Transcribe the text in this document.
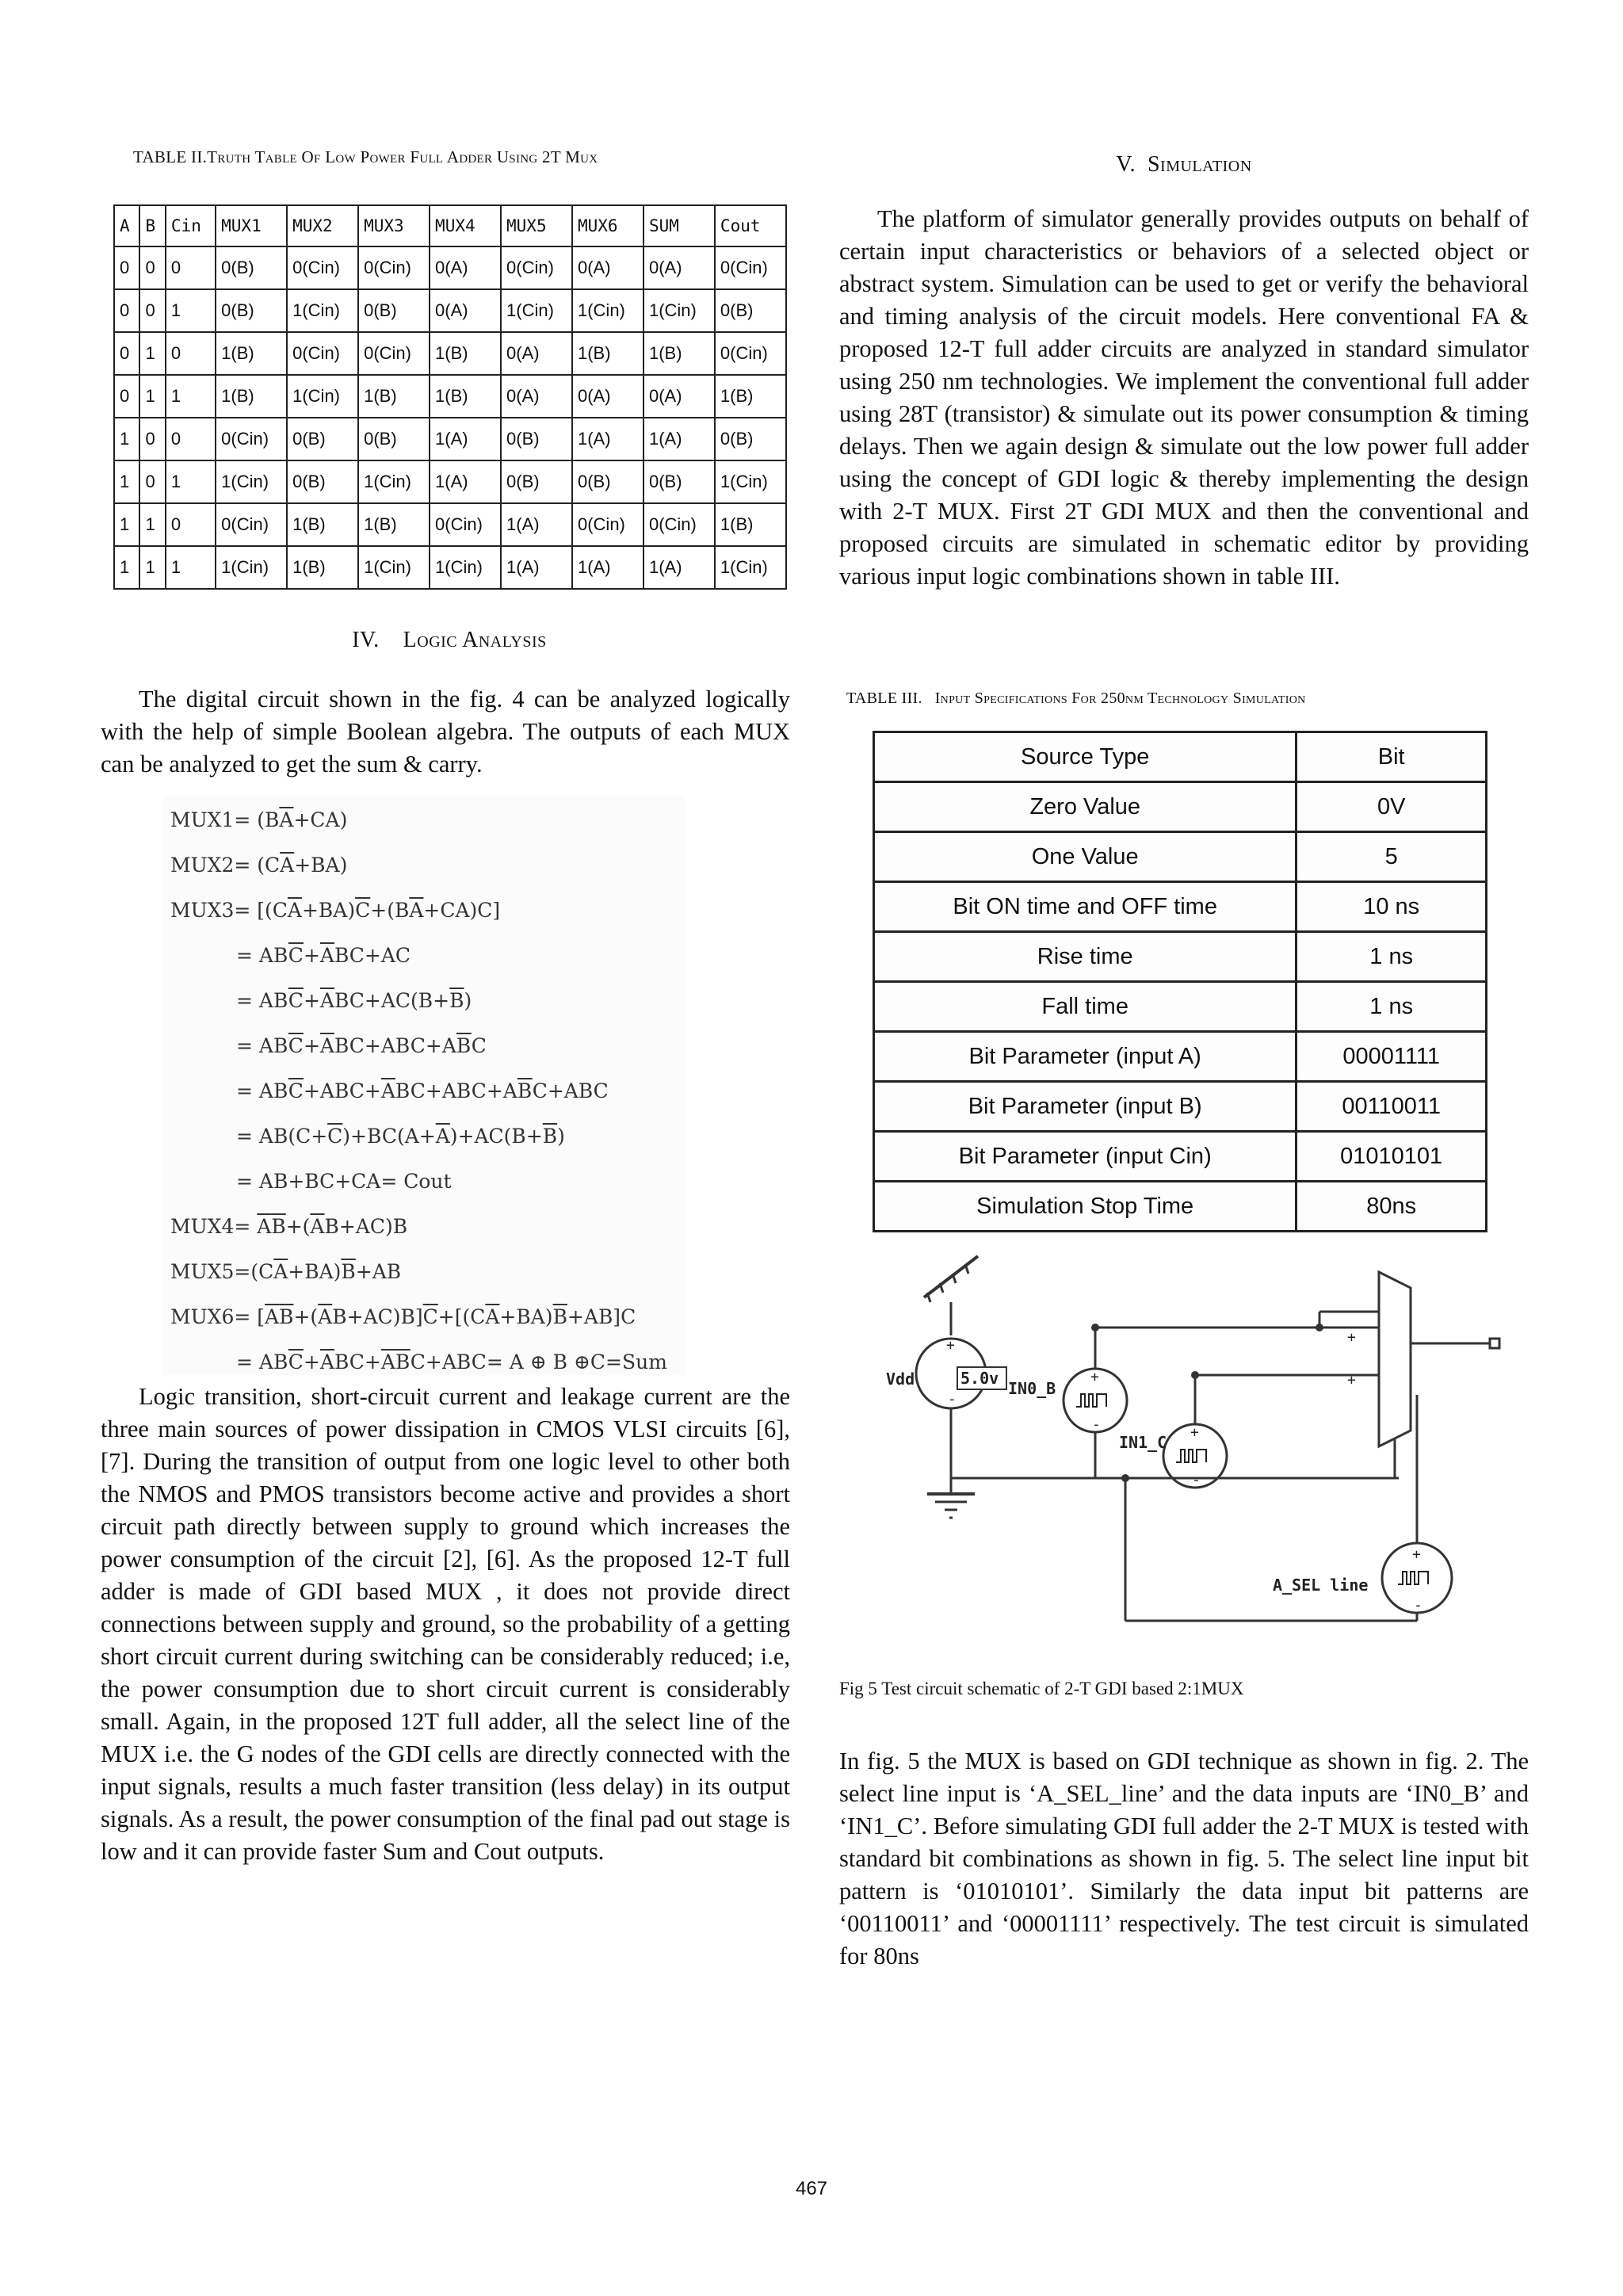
TABLE II.Truth Table Of Low Power Full Adder Using 2T Mux
A	B	Cin	MUX1	MUX2	MUX3	MUX4	MUX5	MUX6	SUM	Cout
0	0	0	0(B)	0(Cin)	0(Cin)	0(A)	0(Cin)	0(A)	0(A)	0(Cin)
0	0	1	0(B)	1(Cin)	0(B)	0(A)	1(Cin)	1(Cin)	1(Cin)	0(B)
0	1	0	1(B)	0(Cin)	0(Cin)	1(B)	0(A)	1(B)	1(B)	0(Cin)
0	1	1	1(B)	1(Cin)	1(B)	1(B)	0(A)	0(A)	0(A)	1(B)
1	0	0	0(Cin)	0(B)	0(B)	1(A)	0(B)	1(A)	1(A)	0(B)
1	0	1	1(Cin)	0(B)	1(Cin)	1(A)	0(B)	0(B)	0(B)	1(Cin)
1	1	0	0(Cin)	1(B)	1(B)	0(Cin)	1(A)	0(Cin)	0(Cin)	1(B)
1	1	1	1(Cin)	1(B)	1(Cin)	1(Cin)	1(A)	1(A)	1(A)	1(Cin)
IV. Logic Analysis

The digital circuit shown in the fig. 4 can be analyzed logically with the help of simple Boolean algebra. The outputs of each MUX can be analyzed to get the sum & carry.

$MUX1= (B\overline{A}+CA)$
$MUX2= (C\overline{A}+BA)$
$MUX3= [(C\overline{A}+BA)\overline{C}+(B\overline{A}+CA)C]$
= $AB\overline{C}+\overline{A}BC+AC$
= $AB\overline{C}+\overline{A}BC+AC(B+\overline{B})$
= $AB\overline{C}+\overline{A}BC+ABC+A\overline{B}C$
= $AB\overline{C}+ABC+\overline{A}BC+ABC+A\overline{B}C+ABC$
= $AB(C+\overline{C})+BC(A+\overline{A})+AC(B+\overline{B})$
= AB+BC+CA= Cout
$MUX4= \overline{A}\overline{B}+(\overline{A}B+AC)B$
$MUX5=(C\overline{A}+BA)\overline{B}+AB$
$MUX6= [\overline{A}\overline{B}+(\overline{A}B+AC)B]\overline{C}+[(C\overline{A}+BA)\overline{B}+AB]C$
= $AB\overline{C}+\overline{A}BC+\overline{A}\overline{B}C+ABC= A$ ⊕ B ⊕C=Sum

Logic transition, short-circuit current and leakage current are the three main sources of power dissipation in CMOS VLSI circuits [6], [7]. During the transition of output from one logic level to other both the NMOS and PMOS transistors become active and provides a short circuit path directly between supply to ground which increases the power consumption of the circuit [2], [6]. As the proposed 12-T full adder is made of GDI based MUX , it does not provide direct connections between supply and ground, so the probability of a getting short circuit current during switching can be considerably reduced; i.e, the power consumption due to short circuit current is considerably small. Again, in the proposed 12T full adder, all the select line of the MUX i.e. the G nodes of the GDI cells are directly connected with the input signals, results a much faster transition (less delay) in its output signals. As a result, the power consumption of the final pad out stage is low and it can provide faster Sum and Cout outputs.

V. Simulation

The platform of simulator generally provides outputs on behalf of certain input characteristics or behaviors of a selected object or abstract system. Simulation can be used to get or verify the behavioral and timing analysis of the circuit models. Here conventional FA & proposed 12-T full adder circuits are analyzed in standard simulator using 250 nm technologies. We implement the conventional full adder using 28T (transistor) & simulate out its power consumption & timing delays. Then we again design & simulate out the low power full adder using the concept of GDI logic & thereby implementing the design with 2-T MUX. First 2T GDI MUX and then the conventional and proposed circuits are simulated in schematic editor by providing various input logic combinations shown in table III.

TABLE III. Input Specifications For 250nm Technology Simulation
Source Type	Bit
Zero Value	0V
One Value	5
Bit ON time and OFF time	10 ns
Rise time	1 ns
Fall time	1 ns
Bit Parameter (input A)	00001111
Bit Parameter (input B)	00110011
Bit Parameter (input Cin)	01010101
Simulation Stop Time	80ns
+
-
+
-	+
-
+
-
+
+
Vdd	5.0v
IN0_B
IN1_C
A_SEL line
Fig 5 Test circuit schematic of 2-T GDI based 2:1MUX

In fig. 5 the MUX is based on GDI technique as shown in fig. 2. The select line input is ‘A_SEL_line’ and the data inputs are ‘IN0_B’ and ‘IN1_C’. Before simulating GDI full adder the 2-T MUX is tested with standard bit combinations as shown in fig. 5. The select line input bit pattern is ‘01010101’. Similarly the data input bit patterns are ‘00110011’ and ‘00001111’ respectively. The test circuit is simulated for 80ns

467
